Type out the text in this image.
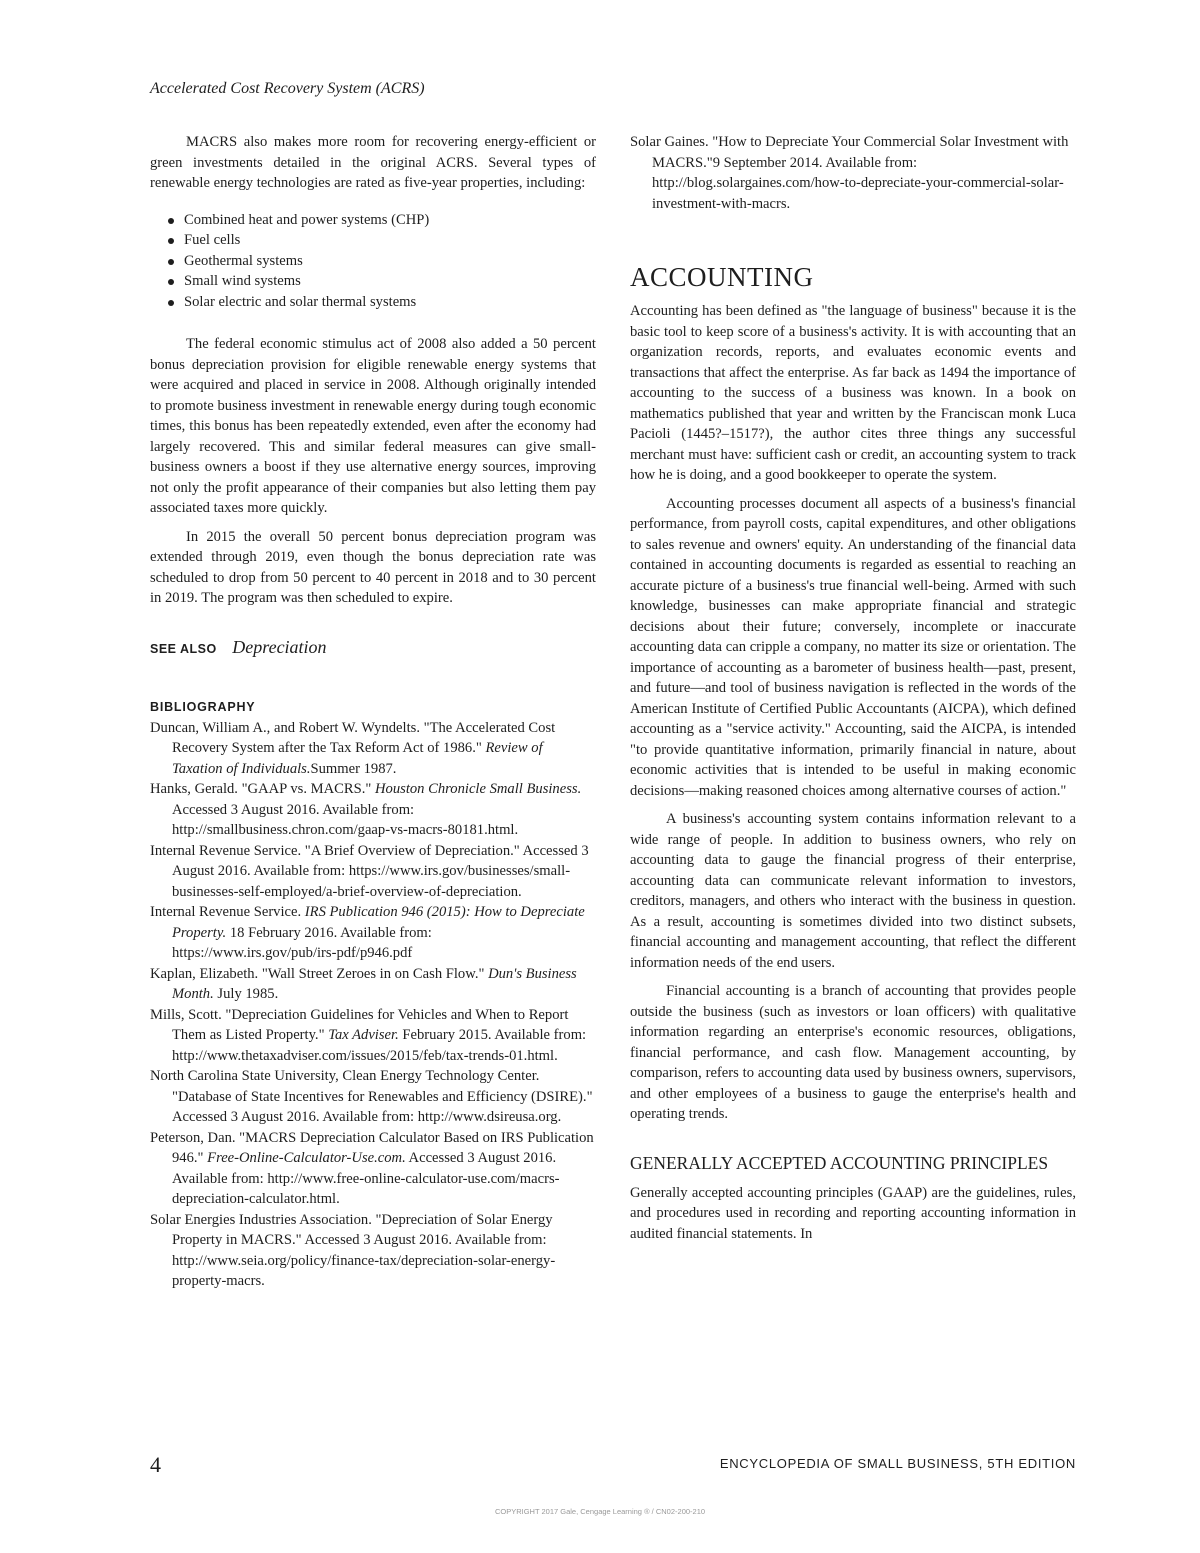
Accelerated Cost Recovery System (ACRS)

MACRS also makes more room for recovering energy-efficient or green investments detailed in the original ACRS. Several types of renewable energy technologies are rated as five-year properties, including:

Combined heat and power systems (CHP)
Fuel cells
Geothermal systems
Small wind systems
Solar electric and solar thermal systems

The federal economic stimulus act of 2008 also added a 50 percent bonus depreciation provision for eligible renewable energy systems that were acquired and placed in service in 2008. Although originally intended to promote business investment in renewable energy during tough economic times, this bonus has been repeatedly extended, even after the economy had largely recovered. This and similar federal measures can give small-business owners a boost if they use alternative energy sources, improving not only the profit appearance of their companies but also letting them pay associated taxes more quickly.

In 2015 the overall 50 percent bonus depreciation program was extended through 2019, even though the bonus depreciation rate was scheduled to drop from 50 percent to 40 percent in 2018 and to 30 percent in 2019. The program was then scheduled to expire.

SEE ALSO Depreciation
BIBLIOGRAPHY

Duncan, William A., and Robert W. Wyndelts. "The Accelerated Cost Recovery System after the Tax Reform Act of 1986." Review of Taxation of Individuals.Summer 1987.

Hanks, Gerald. "GAAP vs. MACRS." Houston Chronicle Small Business. Accessed 3 August 2016. Available from: http://smallbusiness.chron.com/gaap-vs-macrs-80181.html.

Internal Revenue Service. "A Brief Overview of Depreciation." Accessed 3 August 2016. Available from: https://www.irs.gov/businesses/small-businesses-self-employed/a-brief-overview-of-depreciation.

Internal Revenue Service. IRS Publication 946 (2015): How to Depreciate Property. 18 February 2016. Available from: https://www.irs.gov/pub/irs-pdf/p946.pdf

Kaplan, Elizabeth. "Wall Street Zeroes in on Cash Flow." Dun's Business Month. July 1985.

Mills, Scott. "Depreciation Guidelines for Vehicles and When to Report Them as Listed Property." Tax Adviser. February 2015. Available from: http://www.thetaxadviser.com/issues/2015/feb/tax-trends-01.html.

North Carolina State University, Clean Energy Technology Center. "Database of State Incentives for Renewables and Efficiency (DSIRE)." Accessed 3 August 2016. Available from: http://www.dsireusa.org.

Peterson, Dan. "MACRS Depreciation Calculator Based on IRS Publication 946." Free-Online-Calculator-Use.com. Accessed 3 August 2016. Available from: http://www.free-online-calculator-use.com/macrs-depreciation-calculator.html.

Solar Energies Industries Association. "Depreciation of Solar Energy Property in MACRS." Accessed 3 August 2016. Available from: http://www.seia.org/policy/finance-tax/depreciation-solar-energy-property-macrs.

Solar Gaines. "How to Depreciate Your Commercial Solar Investment with MACRS."9 September 2014. Available from: http://blog.solargaines.com/how-to-depreciate-your-commercial-solar-investment-with-macrs.

ACCOUNTING

Accounting has been defined as "the language of business" because it is the basic tool to keep score of a business's activity. It is with accounting that an organization records, reports, and evaluates economic events and transactions that affect the enterprise. As far back as 1494 the importance of accounting to the success of a business was known. In a book on mathematics published that year and written by the Franciscan monk Luca Pacioli (1445?–1517?), the author cites three things any successful merchant must have: sufficient cash or credit, an accounting system to track how he is doing, and a good bookkeeper to operate the system.

Accounting processes document all aspects of a business's financial performance, from payroll costs, capital expenditures, and other obligations to sales revenue and owners' equity. An understanding of the financial data contained in accounting documents is regarded as essential to reaching an accurate picture of a business's true financial well-being. Armed with such knowledge, businesses can make appropriate financial and strategic decisions about their future; conversely, incomplete or inaccurate accounting data can cripple a company, no matter its size or orientation. The importance of accounting as a barometer of business health—past, present, and future—and tool of business navigation is reflected in the words of the American Institute of Certified Public Accountants (AICPA), which defined accounting as a "service activity." Accounting, said the AICPA, is intended "to provide quantitative information, primarily financial in nature, about economic activities that is intended to be useful in making economic decisions—making reasoned choices among alternative courses of action."

A business's accounting system contains information relevant to a wide range of people. In addition to business owners, who rely on accounting data to gauge the financial progress of their enterprise, accounting data can communicate relevant information to investors, creditors, managers, and others who interact with the business in question. As a result, accounting is sometimes divided into two distinct subsets, financial accounting and management accounting, that reflect the different information needs of the end users.

Financial accounting is a branch of accounting that provides people outside the business (such as investors or loan officers) with qualitative information regarding an enterprise's economic resources, obligations, financial performance, and cash flow. Management accounting, by comparison, refers to accounting data used by business owners, supervisors, and other employees of a business to gauge the enterprise's health and operating trends.

GENERALLY ACCEPTED ACCOUNTING PRINCIPLES

Generally accepted accounting principles (GAAP) are the guidelines, rules, and procedures used in recording and reporting accounting information in audited financial statements. In

4	ENCYCLOPEDIA OF SMALL BUSINESS, 5TH EDITION
COPYRIGHT 2017 Gale, Cengage Learning ® / CN02-200-210
